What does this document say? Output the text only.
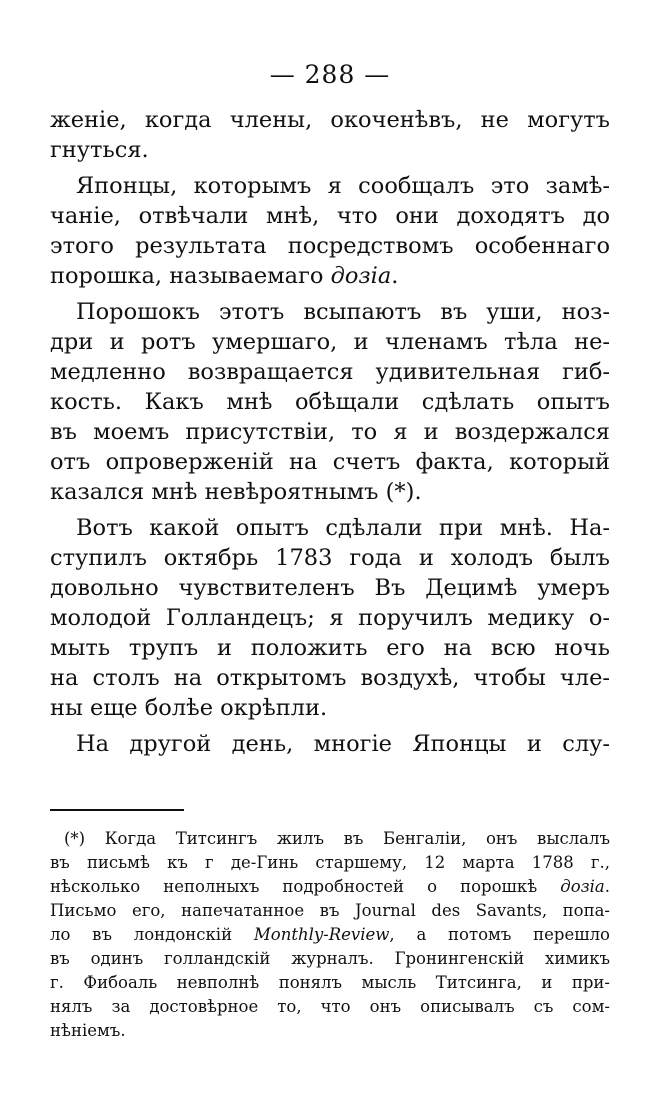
— 288 —
женіе, когда члены, окоченѣвъ, не могутъ
гнуться.
Японцы, которымъ я сообщалъ это замѣ-
чаніе, отвѣчали мнѣ, что они доходятъ до
этого результата посредствомъ особеннаго
порошка, называемаго дозіа.
Порошокъ этотъ всыпаютъ въ уши, ноз-
дри и ротъ умершаго, и членамъ тѣла не-
медленно возвращается удивительная гиб-
кость. Какъ мнѣ обѣщали сдѣлать опытъ
въ моемъ присутствіи, то я и воздержался
отъ опроверженій на счетъ факта, который
казался мнѣ невѣроятнымъ (*).
Вотъ какой опытъ сдѣлали при мнѣ. На-
ступилъ октябрь 1783 года и холодъ былъ
довольно чувствителенъ Въ Децимѣ умеръ
молодой Голландецъ; я поручилъ медику о-
мыть трупъ и положить его на всю ночь
на столъ на открытомъ воздухѣ, чтобы чле-
ны еще болѣе окрѣпли.
На другой день, многіе Японцы и слу-
(*) Когда Титсингъ жилъ въ Бенгаліи, онъ выслалъ
въ письмѣ къ г де-Гинь старшему, 12 марта 1788 г.,
нѣсколько неполныхъ подробностей о порошкѣ дозіа.
Письмо его, напечатанное въ Journal des Savants, попа-
ло въ лондонскій Monthly-Review, а потомъ перешло
въ одинъ голландскій журналъ. Гронингенскій химикъ
г. Фибоаль невполнѣ понялъ мысль Титсинга, и при-
нялъ за достовѣрное то, что онъ описывалъ съ сом-
нѣніемъ.
